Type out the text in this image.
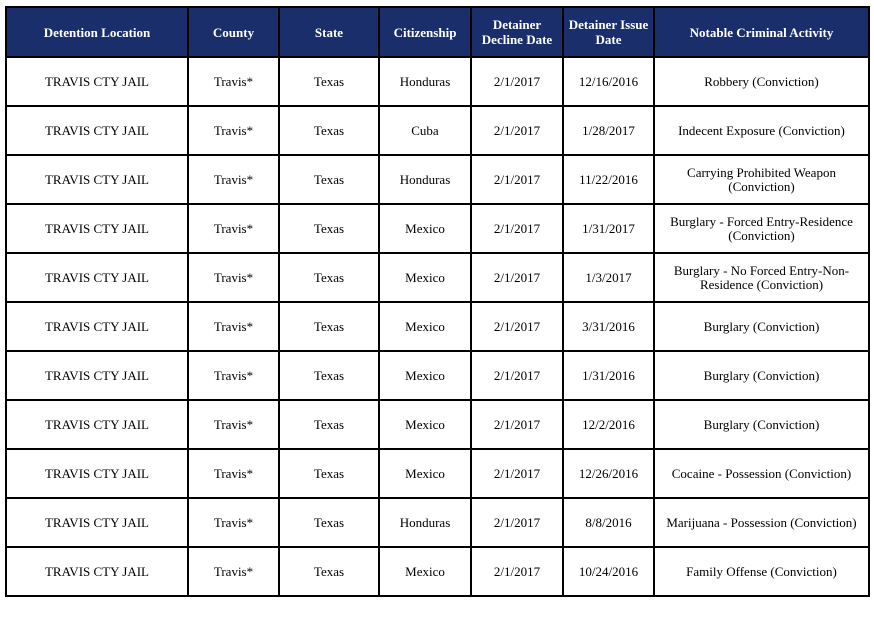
Detention Location	County	State	Citizenship	Detainer Decline Date	Detainer Issue Date	Notable Criminal Activity
TRAVIS CTY JAIL	Travis*	Texas	Honduras	2/1/2017	12/16/2016	Robbery (Conviction)
TRAVIS CTY JAIL	Travis*	Texas	Cuba	2/1/2017	1/28/2017	Indecent Exposure (Conviction)
TRAVIS CTY JAIL	Travis*	Texas	Honduras	2/1/2017	11/22/2016	Carrying Prohibited Weapon (Conviction)
TRAVIS CTY JAIL	Travis*	Texas	Mexico	2/1/2017	1/31/2017	Burglary - Forced Entry-Residence (Conviction)
TRAVIS CTY JAIL	Travis*	Texas	Mexico	2/1/2017	1/3/2017	Burglary - No Forced Entry-Non-Residence (Conviction)
TRAVIS CTY JAIL	Travis*	Texas	Mexico	2/1/2017	3/31/2016	Burglary (Conviction)
TRAVIS CTY JAIL	Travis*	Texas	Mexico	2/1/2017	1/31/2016	Burglary (Conviction)
TRAVIS CTY JAIL	Travis*	Texas	Mexico	2/1/2017	12/2/2016	Burglary (Conviction)
TRAVIS CTY JAIL	Travis*	Texas	Mexico	2/1/2017	12/26/2016	Cocaine - Possession (Conviction)
TRAVIS CTY JAIL	Travis*	Texas	Honduras	2/1/2017	8/8/2016	Marijuana - Possession (Conviction)
TRAVIS CTY JAIL	Travis*	Texas	Mexico	2/1/2017	10/24/2016	Family Offense (Conviction)
